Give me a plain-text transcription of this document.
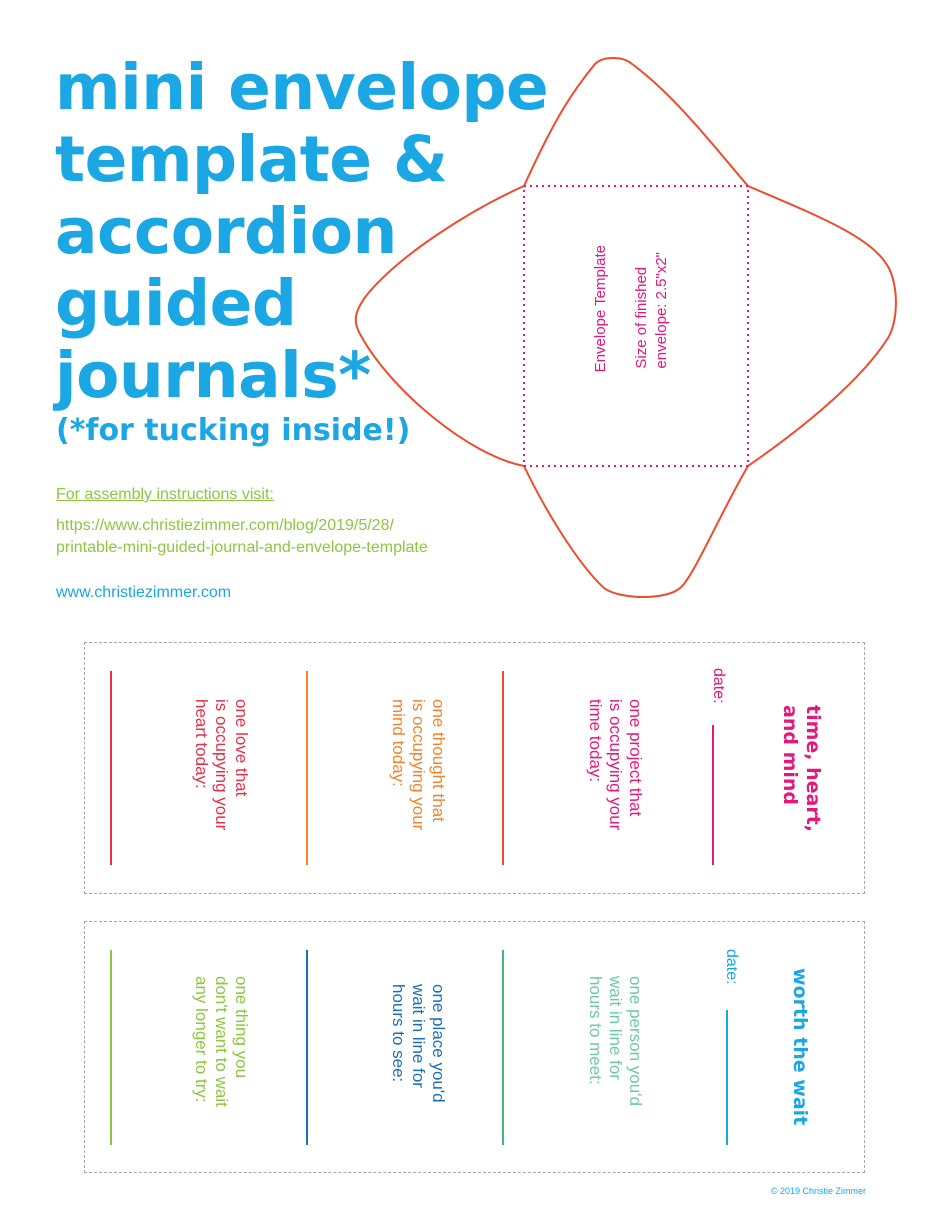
mini envelope
template &
accordion
guided
journals*
(*for tucking inside!)
For assembly instructions visit:
https://www.christiezimmer.com/blog/2019/5/28/
printable-mini-guided-journal-and-envelope-template
www.christiezimmer.com
Envelope Template Size of finished envelope: 2.5"x2"
time, heart,
and mind
date:
one project that
is occupying your
time today:
one thought that
is occupying your
mind today:
one love that
is occupying your
heart today:
worth the wait
date:
one person you'd
wait in line for
hours to meet:
one place you'd
wait in line for
hours to see:
one thing you
don't want to wait
any longer to try:
© 2019 Christie Zimmer
